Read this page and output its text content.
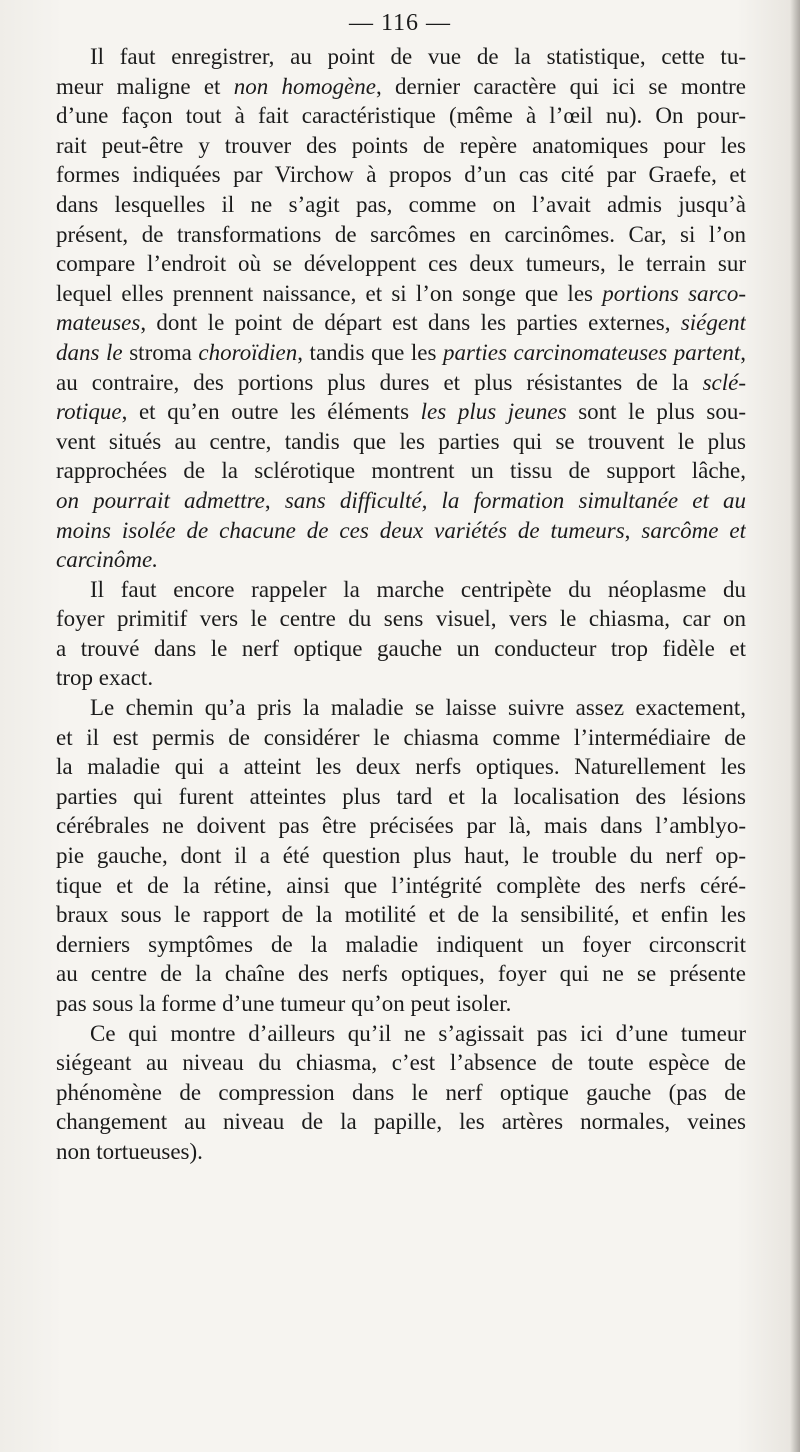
— 116 —
Il faut enregistrer, au point de vue de la statistique, cette tu-
meur maligne et non homogène, dernier caractère qui ici se montre
d’une façon tout à fait caractéristique (même à l’œil nu). On pour-
rait peut-être y trouver des points de repère anatomiques pour les
formes indiquées par Virchow à propos d’un cas cité par Graefe, et
dans lesquelles il ne s’agit pas, comme on l’avait admis jusqu’à
présent, de transformations de sarcômes en carcinômes. Car, si l’on
compare l’endroit où se développent ces deux tumeurs, le terrain sur
lequel elles prennent naissance, et si l’on songe que les portions sarco-
mateuses, dont le point de départ est dans les parties externes, siégent
dans le stroma choroïdien, tandis que les parties carcinomateuses partent,
au contraire, des portions plus dures et plus résistantes de la sclé-
rotique, et qu’en outre les éléments les plus jeunes sont le plus sou-
vent situés au centre, tandis que les parties qui se trouvent le plus
rapprochées de la sclérotique montrent un tissu de support lâche,
on pourrait admettre, sans difficulté, la formation simultanée et au
moins isolée de chacune de ces deux variétés de tumeurs, sarcôme et
carcinôme.
Il faut encore rappeler la marche centripète du néoplasme du
foyer primitif vers le centre du sens visuel, vers le chiasma, car on
a trouvé dans le nerf optique gauche un conducteur trop fidèle et
trop exact.
Le chemin qu’a pris la maladie se laisse suivre assez exactement,
et il est permis de considérer le chiasma comme l’intermédiaire de
la maladie qui a atteint les deux nerfs optiques. Naturellement les
parties qui furent atteintes plus tard et la localisation des lésions
cérébrales ne doivent pas être précisées par là, mais dans l’amblyo-
pie gauche, dont il a été question plus haut, le trouble du nerf op-
tique et de la rétine, ainsi que l’intégrité complète des nerfs céré-
braux sous le rapport de la motilité et de la sensibilité, et enfin les
derniers symptômes de la maladie indiquent un foyer circonscrit
au centre de la chaîne des nerfs optiques, foyer qui ne se présente
pas sous la forme d’une tumeur qu’on peut isoler.
Ce qui montre d’ailleurs qu’il ne s’agissait pas ici d’une tumeur
siégeant au niveau du chiasma, c’est l’absence de toute espèce de
phénomène de compression dans le nerf optique gauche (pas de
changement au niveau de la papille, les artères normales, veines
non tortueuses).
